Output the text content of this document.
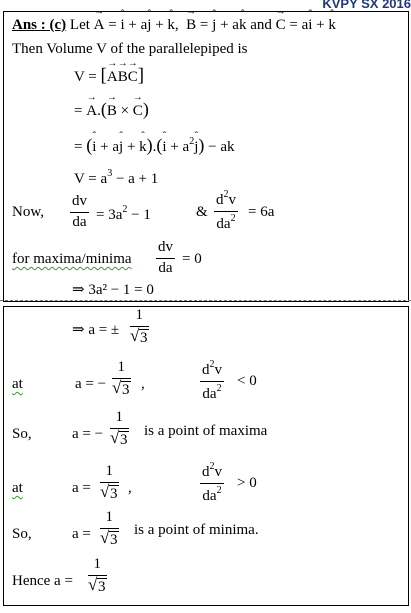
KVPY SX 2016
Ans : (c) Let → A = ˆ i + aˆ j + ˆ k,  → B = ˆ j + aˆ k and → C = aˆ i + ˆ k
Then Volume V of the parallelepiped is
V = [→ A→ B→ C]
= → A.(→ B × → C)
= (ˆ i + aˆ j + ˆ k).(ˆ $i + a^2ˆ$ j) − ak
$V = a^3 - a + 1$
Now, $\frac{dv}{da} = 3a^2 - 1$	& $\frac{d^2v}{da^2} = 6a$
for maxima/minima $\frac{dv}{da} = 0$
⇒ 3a² − 1 = 0
⇒ a = ± $\frac{1}{√ 3}$
at	a = − $\frac{1}{√ 3}$ ,	$\frac{d^2v}{da^2} < 0$
So,	a = − $\frac{1}{√ 3}$ is a point of maxima
at	$a = \frac{1}{√ 3}$ ,	$\frac{d^2v}{da^2} > 0$
So,	$a = \frac{1}{√ 3}$ is a point of minima.
Hence $a = \frac{1}{√ 3}$
